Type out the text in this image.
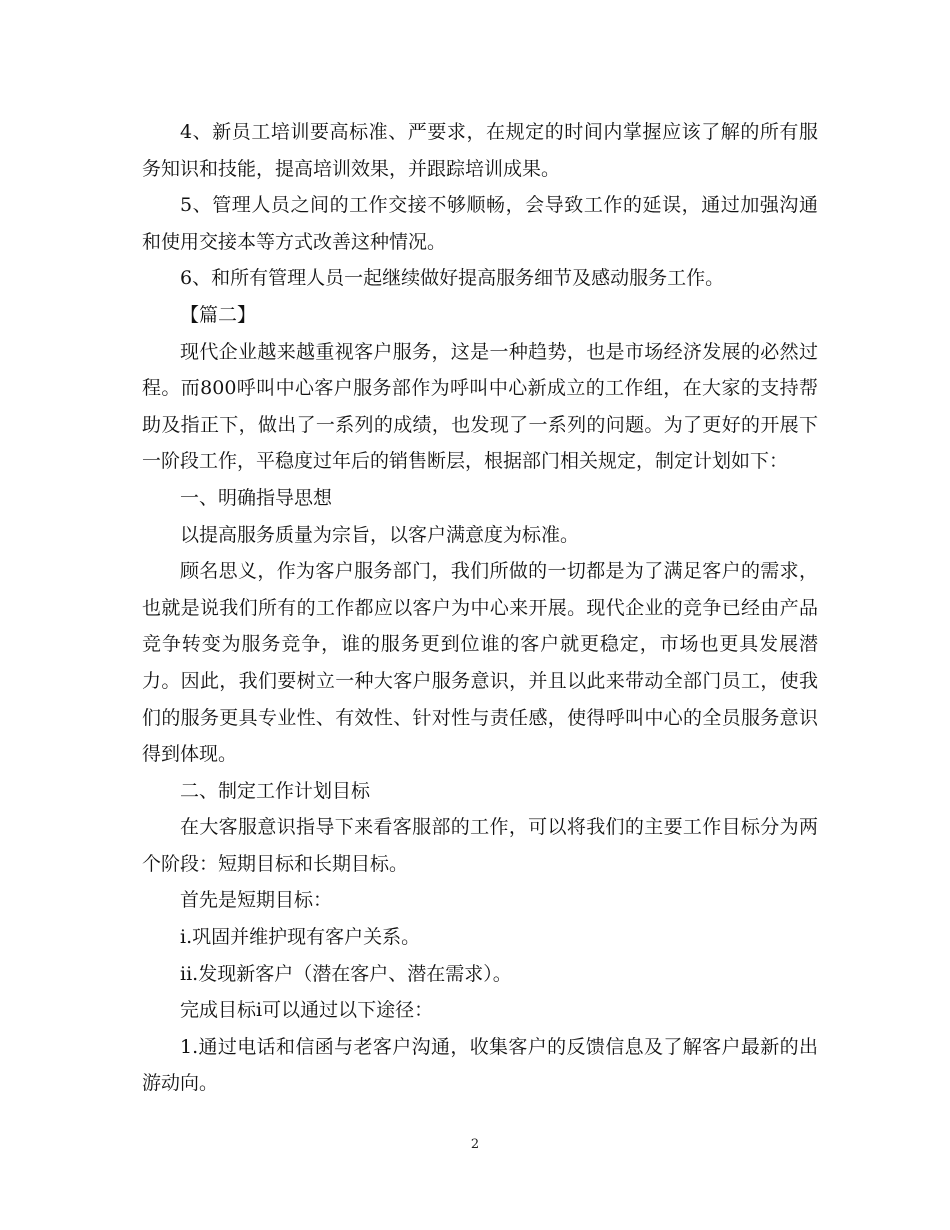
4、新员工培训要高标准、严要求，在规定的时间内掌握应该了解的所有服务知识和技能，提高培训效果，并跟踪培训成果。

5、管理人员之间的工作交接不够顺畅，会导致工作的延误，通过加强沟通和使用交接本等方式改善这种情况。

6、和所有管理人员一起继续做好提高服务细节及感动服务工作。

【篇二】

现代企业越来越重视客户服务，这是一种趋势，也是市场经济发展的必然过程。而800呼叫中心客户服务部作为呼叫中心新成立的工作组，在大家的支持帮助及指正下，做出了一系列的成绩，也发现了一系列的问题。为了更好的开展下一阶段工作，平稳度过年后的销售断层，根据部门相关规定，制定计划如下：

一、明确指导思想

以提高服务质量为宗旨，以客户满意度为标准。

顾名思义，作为客户服务部门，我们所做的一切都是为了满足客户的需求，也就是说我们所有的工作都应以客户为中心来开展。现代企业的竞争已经由产品竞争转变为服务竞争，谁的服务更到位谁的客户就更稳定，市场也更具发展潜力。因此，我们要树立一种大客户服务意识，并且以此来带动全部门员工，使我们的服务更具专业性、有效性、针对性与责任感，使得呼叫中心的全员服务意识得到体现。

二、制定工作计划目标

在大客服意识指导下来看客服部的工作，可以将我们的主要工作目标分为两个阶段：短期目标和长期目标。

首先是短期目标：

i.巩固并维护现有客户关系。

ii.发现新客户（潜在客户、潜在需求）。

完成目标i可以通过以下途径：

1.通过电话和信函与老客户沟通，收集客户的反馈信息及了解客户最新的出游动向。

2
